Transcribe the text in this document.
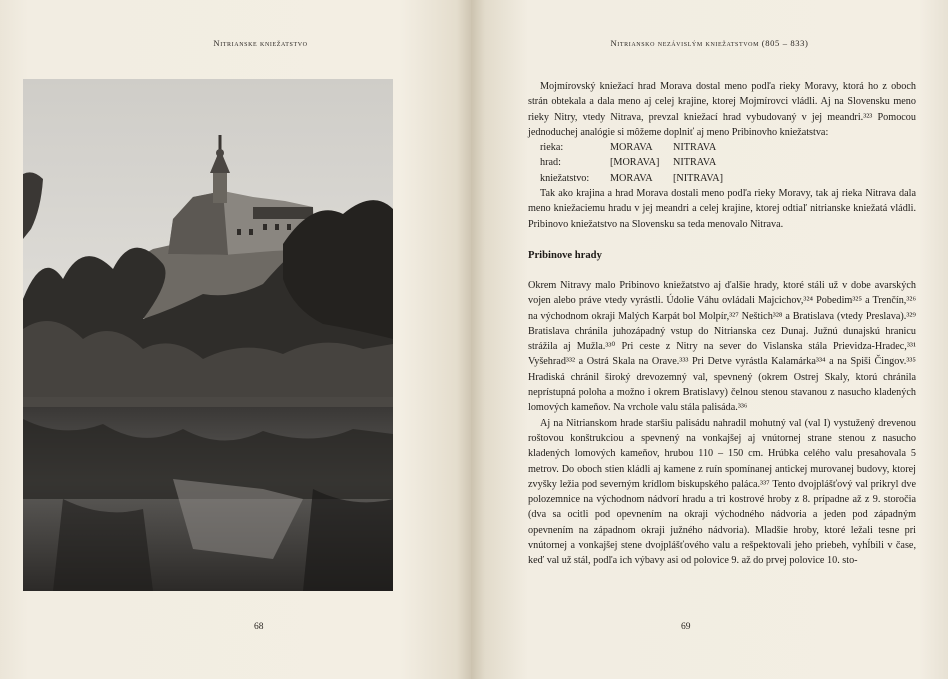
Nitrianske kniežatstvo
68
Nitriansko nezávislým kniežatstvom (805 – 833)

Mojmírovský kniežací hrad Morava dostal meno podľa rieky Moravy, ktorá ho z oboch strán obtekala a dala meno aj celej krajine, ktorej Mojmírovci vládli. Aj na Slovensku meno rieky Nitry, vtedy Nitrava, prevzal kniežací hrad vybudovaný v jej meandri.³²³ Pomocou jednoduchej analógie si môžeme doplniť aj meno Pribinovho kniežatstva:

rieka:	MORAVA	NITRAVA
hrad:	[MORAVA]	NITRAVA
kniežatstvo:	MORAVA	[NITRAVA]

Tak ako krajina a hrad Morava dostali meno podľa rieky Moravy, tak aj rieka Nitrava dala meno kniežaciemu hradu v jej meandri a celej krajine, ktorej odtiaľ nitrianske kniežatá vládli. Pribinovo kniežatstvo na Slovensku sa teda menovalo Nitrava.

Pribinove hrady

Okrem Nitravy malo Pribinovo kniežatstvo aj ďalšie hrady, ktoré stáli už v dobe avarských vojen alebo práve vtedy vyrástli. Údolie Váhu ovládali Majcichov,³²⁴ Pobedim³²⁵ a Trenčín,³²⁶ na východnom okraji Malých Karpát bol Molpír,³²⁷ Neštich³²⁸ a Bratislava (vtedy Preslava).³²⁹ Bratislava chránila juhozápadný vstup do Nitrianska cez Dunaj. Južnú dunajskú hranicu strážila aj Mužla.³³⁰ Pri ceste z Nitry na sever do Vislanska stála Prievidza-Hradec,³³¹ Vyšehrad³³² a Ostrá Skala na Orave.³³³ Pri Detve vyrástla Kalamárka³³⁴ a na Spiši Čingov.³³⁵ Hradiská chránil široký drevozemný val, spevnený (okrem Ostrej Skaly, ktorú chránila neprístupná poloha a možno i okrem Bratislavy) čelnou stenou stavanou z nasucho kladených lomových kameňov. Na vrchole valu stála palisáda.³³⁶

Aj na Nitrianskom hrade staršiu palisádu nahradil mohutný val (val I) vystužený drevenou roštovou konštrukciou a spevnený na vonkajšej aj vnútornej strane stenou z nasucho kladených lomových kameňov, hrubou 110 – 150 cm. Hrúbka celého valu presahovala 5 metrov. Do oboch stien kládli aj kamene z ruín spomínanej antickej murovanej budovy, ktorej zvyšky ležia pod severným krídlom biskupského paláca.³³⁷ Tento dvojplášťový val prikryl dve polozemnice na východnom nádvorí hradu a tri kostrové hroby z 8. prípadne až z 9. storočia (dva sa ocitli pod opevnením na okraji východného nádvoria a jeden pod západným opevnením na západnom okraji južného nádvoria). Mladšie hroby, ktoré ležali tesne pri vnútornej a vonkajšej stene dvojplášťového valu a rešpektovali jeho priebeh, vyhĺbili v čase, keď val už stál, podľa ich výbavy asi od polovice 9. až do prvej polovice 10. sto-

69
